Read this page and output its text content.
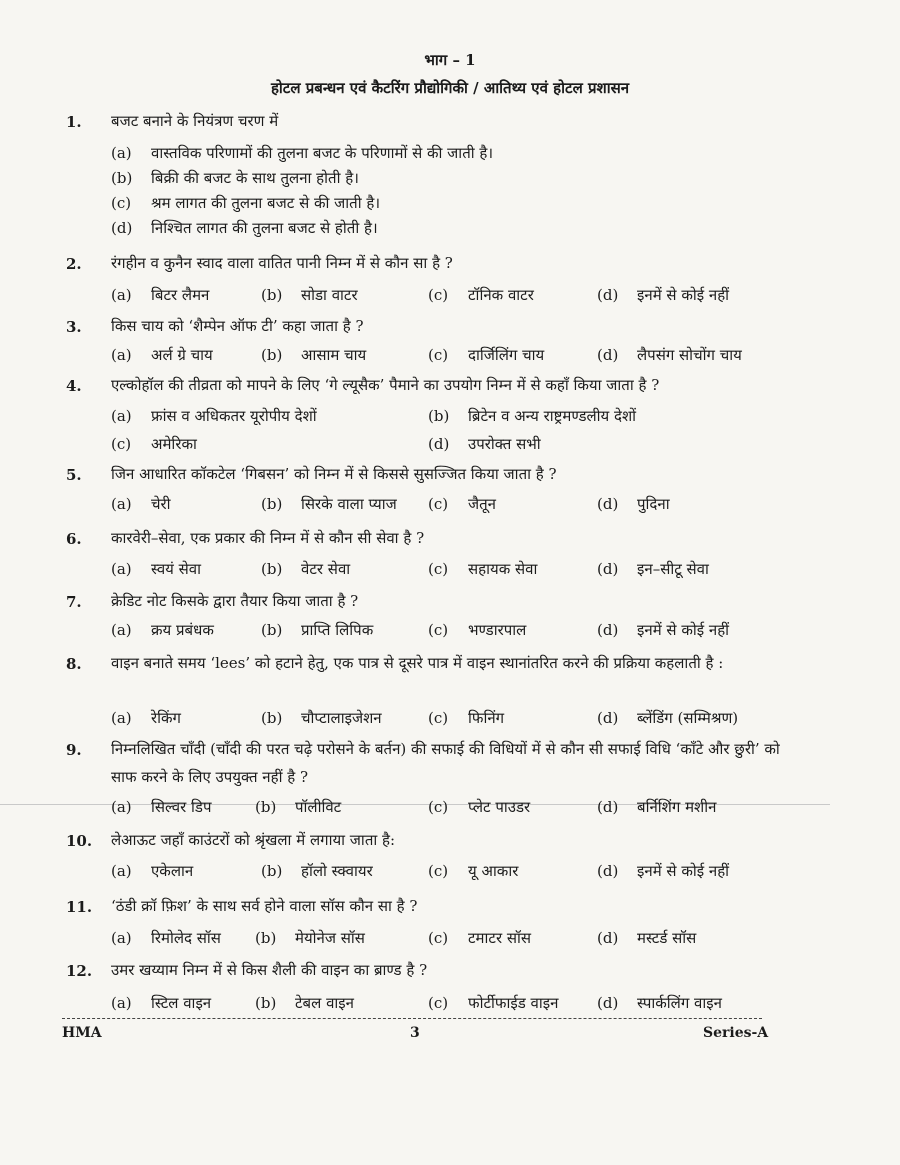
भाग – 1
होटल प्रबन्धन एवं कैटरिंग प्रौद्योगिकी / आतिथ्य एवं होटल प्रशासन
1.	बजट बनाने के नियंत्रण चरण में
(a) वास्तविक परिणामों की तुलना बजट के परिणामों से की जाती है।
(b) बिक्री की बजट के साथ तुलना होती है।
(c) श्रम लागत की तुलना बजट से की जाती है।
(d) निश्चित लागत की तुलना बजट से होती है।
2.	रंगहीन व कुनैन स्वाद वाला वातित पानी निम्न में से कौन सा है ?
(a) बिटर लैमन	(b) सोडा वाटर	(c) टॉनिक वाटर	(d) इनमें से कोई नहीं
3.	किस चाय को ‘शैम्पेन ऑफ टी’ कहा जाता है ?
(a) अर्ल ग्रे चाय	(b) आसाम चाय	(c) दार्जिलिंग चाय	(d) लैपसंग सोचोंग चाय
4.	एल्कोहॉल की तीव्रता को मापने के लिए ‘गे ल्यूसैक’ पैमाने का उपयोग निम्न में से कहाँ किया जाता है ?
(a) फ्रांस व अधिकतर यूरोपीय देशों	(b) ब्रिटेन व अन्य राष्ट्रमण्डलीय देशों
(c) अमेरिका	(d) उपरोक्त सभी
5.	जिन आधारित कॉकटेल ‘गिबसन’ को निम्न में से किससे सुसज्जित किया जाता है ?
(a) चेरी	(b) सिरके वाला प्याज (c) जैतून	(d) पुदिना
6.	कारवेरी–सेवा, एक प्रकार की निम्न में से कौन सी सेवा है ?
(a) स्वयं सेवा	(b) वेटर सेवा	(c) सहायक सेवा	(d) इन–सीटू सेवा
7.	क्रेडिट नोट किसके द्वारा तैयार किया जाता है ?
(a) क्रय प्रबंधक	(b) प्राप्ति लिपिक	(c) भण्डारपाल	(d) इनमें से कोई नहीं
8.	वाइन बनाते समय ‘lees’ को हटाने हेतु, एक पात्र से दूसरे पात्र में वाइन स्थानांतरित करने की प्रक्रिया कहलाती है :
(a) रेकिंग	(b) चौप्टालाइजेशन	(c) फिनिंग	(d) ब्लेंडिंग (सम्मिश्रण)
9.	निम्नलिखित चाँदी (चाँदी की परत चढ़े परोसने के बर्तन) की सफाई की विधियों में से कौन सी सफाई विधि ‘काँटे और छुरी’ को साफ करने के लिए उपयुक्त नहीं है ?
(a) सिल्वर डिप	(b) पॉलीविट	(c) प्लेट पाउडर	(d) बर्निशिंग मशीन
10.	लेआऊट जहाँ काउंटरों को श्रृंखला में लगाया जाता है:
(a) एकेलान	(b) हॉलो स्क्वायर	(c) यू आकार	(d) इनमें से कोई नहीं
11.	‘ठंडी क्रॉ फ़िश’ के साथ सर्व होने वाला सॉस कौन सा है ?
(a) रिमोलेद सॉस (b) मेयोनेज सॉस	(c) टमाटर सॉस	(d) मस्टर्ड सॉस
12.	उमर खय्याम निम्न में से किस शैली की वाइन का ब्राण्ड है ?
(a) स्टिल वाइन	(b) टेबल वाइन	(c) फोर्टीफाईड वाइन	(d) स्पार्कलिंग वाइन
HMA	3	Series-A
